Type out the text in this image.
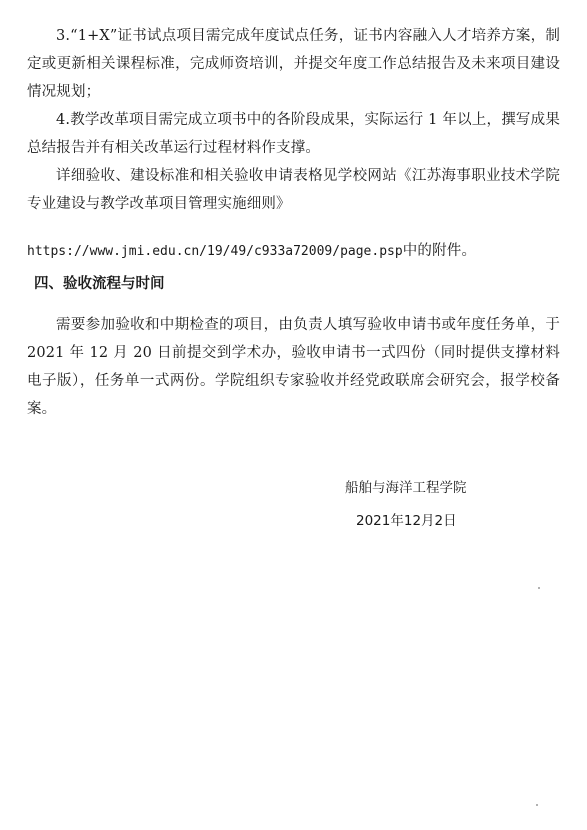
3.“1+X”证书试点项目需完成年度试点任务，证书内容融入人才培养方案，制定或更新相关课程标准，完成师资培训，并提交年度工作总结报告及未来项目建设情况规划；
4.教学改革项目需完成立项书中的各阶段成果，实际运行 1 年以上，撰写成果总结报告并有相关改革运行过程材料作支撑。
详细验收、建设标准和相关验收申请表格见学校网站《江苏海事职业技术学院专业建设与教学改革项目管理实施细则》
https://www.jmi.edu.cn/19/49/c933a72009/page.psp中的附件。
四、验收流程与时间
需要参加验收和中期检查的项目，由负责人填写验收申请书或年度任务单，于 2021 年 12 月 20 日前提交到学术办，验收申请书一式四份（同时提供支撑材料电子版），任务单一式两份。学院组织专家验收并经党政联席会研究会，报学校备案。
船舶与海洋工程学院
2021年12月2日
